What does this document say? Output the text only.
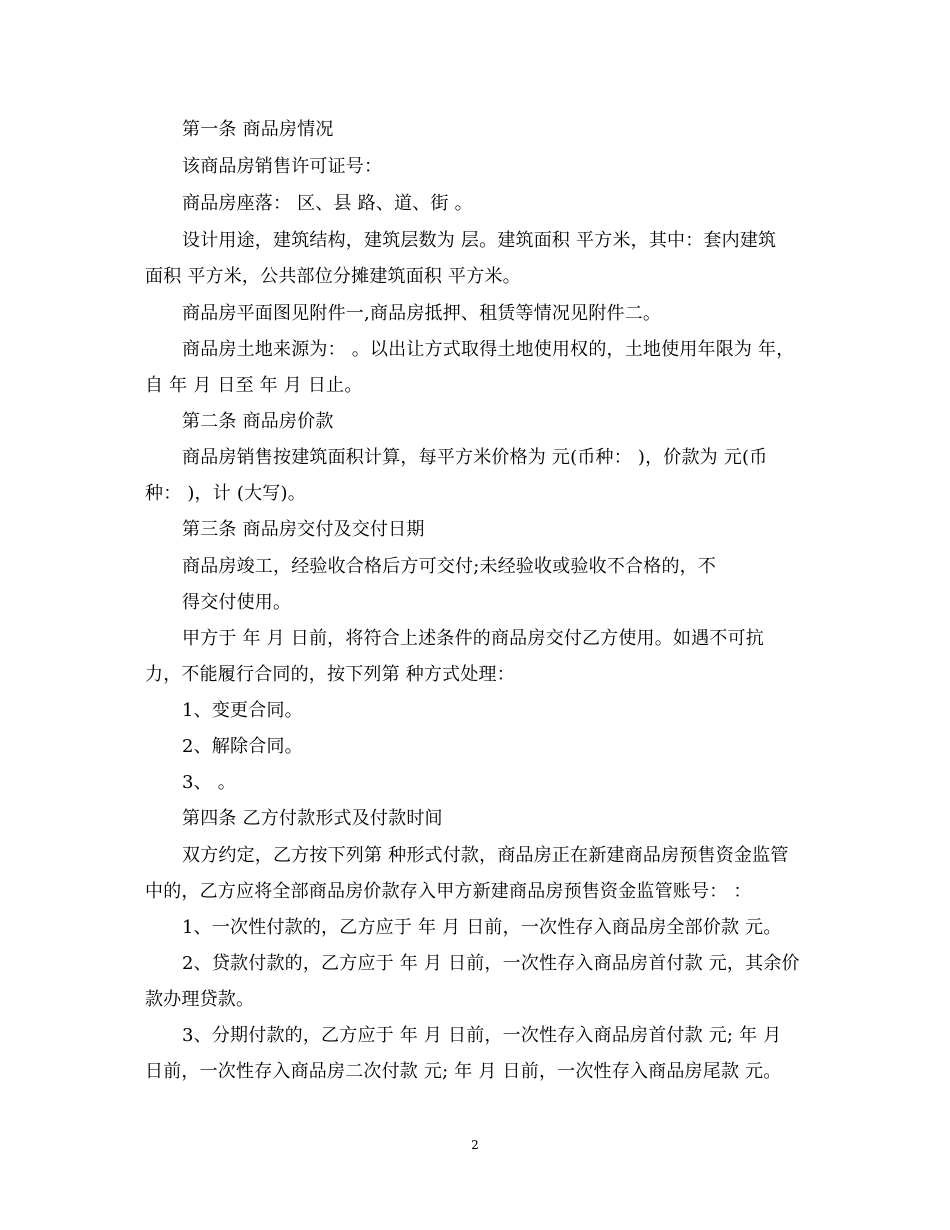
第一条 商品房情况
该商品房销售许可证号：
商品房座落： 区、县 路、道、街 。
设计用途，建筑结构，建筑层数为 层。建筑面积 平方米，其中：套内建筑
面积 平方米，公共部位分摊建筑面积 平方米。
商品房平面图见附件一,商品房抵押、租赁等情况见附件二。
商品房土地来源为： 。以出让方式取得土地使用权的，土地使用年限为 年，
自 年 月 日至 年 月 日止。
第二条 商品房价款
商品房销售按建筑面积计算，每平方米价格为 元(币种： )，价款为 元(币
种： )，计 (大写)。
第三条 商品房交付及交付日期
商品房竣工，经验收合格后方可交付;未经验收或验收不合格的，不
得交付使用。
甲方于 年 月 日前，将符合上述条件的商品房交付乙方使用。如遇不可抗
力，不能履行合同的，按下列第 种方式处理：
1、变更合同。
2、解除合同。
3、 。
第四条 乙方付款形式及付款时间
双方约定，乙方按下列第 种形式付款，商品房正在新建商品房预售资金监管
中的，乙方应将全部商品房价款存入甲方新建商品房预售资金监管账号： ：
1、一次性付款的，乙方应于 年 月 日前，一次性存入商品房全部价款 元。
2、贷款付款的，乙方应于 年 月 日前，一次性存入商品房首付款 元，其余价
款办理贷款。
3、分期付款的，乙方应于 年 月 日前，一次性存入商品房首付款 元; 年 月
日前，一次性存入商品房二次付款 元; 年 月 日前，一次性存入商品房尾款 元。
2
